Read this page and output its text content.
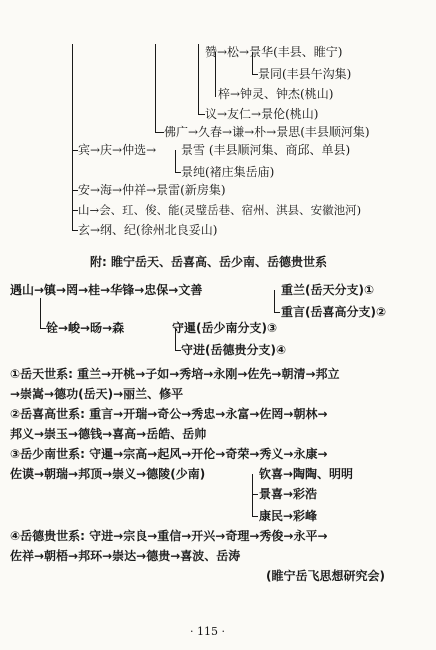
赞→松→景华(丰县、睢宁)
景同(丰县午沟集)
梓→钟灵、钟杰(桃山)
议→友仁→景伦(桃山)
佛广→久春→谦→朴→景思(丰县顺河集)
宾→庆→仲选→ 景雪 (丰县顺河集、商邱、单县)
景纯(褚庄集岳庙)
安→海→仲祥→景雷(新房集)
山→会、玒、俊、能(灵璧岳巷、宿州、淇县、安徽池河)
玄→纲、纪(徐州北良妥山)
附: 睢宁岳天、岳喜高、岳少南、岳德贵世系
遇山→镇→罔→桂→华锋→忠保→文善	重兰(岳天分支)①
重言(岳喜高分支)②
铨→峻→旸→森	守暹(岳少南分支)③
守进(岳德贵分支)④
①岳天世系: 重兰→开桃→子如→秀培→永刚→佐先→朝清→邦立
→崇嵩→德功(岳天)→丽兰、修平
②岳喜高世系: 重言→开瑞→奇公→秀忠→永富→佐罔→朝林→
邦义→崇玉→德钱→喜高→岳皓、岳帅
③岳少南世系: 守暹→宗高→起风→开伦→奇荣→秀义→永康→
佐谟→朝瑞→邦顶→崇义→德陵(少南)	钦喜→陶陶、明明
景喜→彩浩
康民→彩峰
④岳德贵世系: 守进→宗良→重信→开兴→奇理→秀俊→永平→
佐祥→朝梧→邦环→崇达→德贵→喜波、岳涛
(睢宁岳飞思想研究会)
· 115 ·
